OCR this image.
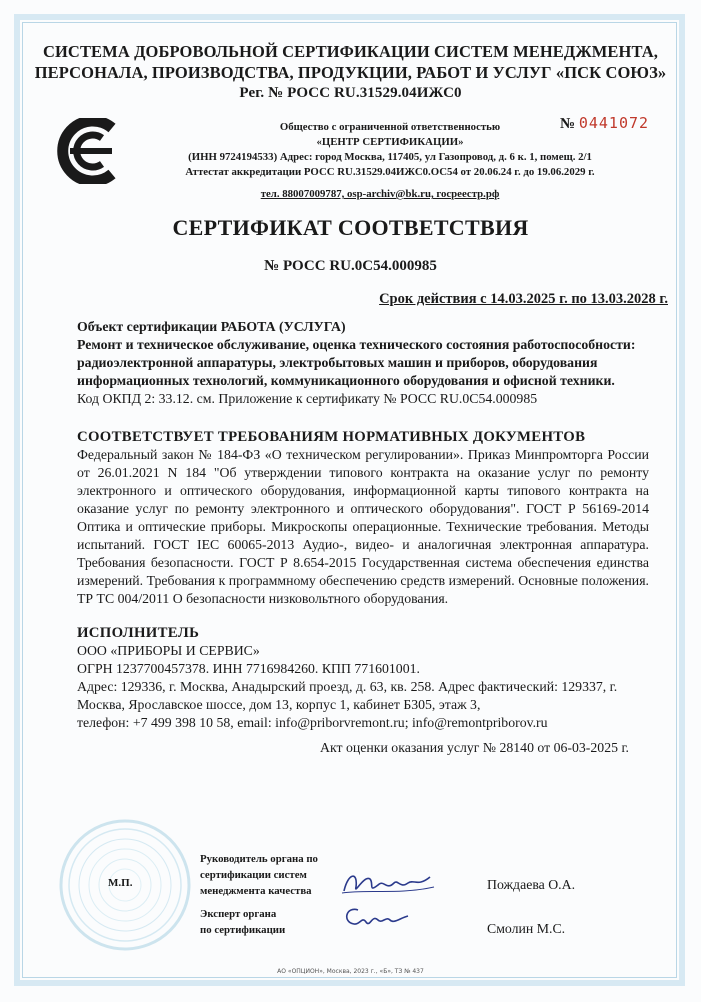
СИСТЕМА ДОБРОВОЛЬНОЙ СЕРТИФИКАЦИИ СИСТЕМ МЕНЕДЖМЕНТА,
ПЕРСОНАЛА, ПРОИЗВОДСТВА, ПРОДУКЦИИ, РАБОТ И УСЛУГ «ПСК СОЮЗ»
Рег. № РОСС RU.31529.04ИЖС0
Общество с ограниченной ответственностью
«ЦЕНТР СЕРТИФИКАЦИИ»
(ИНН 9724194533) Адрес: город Москва, 117405, ул Газопровод, д. 6 к. 1, помещ. 2/1
Аттестат аккредитации РОСС RU.31529.04ИЖС0.ОС54 от 20.06.24 г. до 19.06.2029 г.
№ 0441072
тел. 88007009787, osp-archiv@bk.ru, госреестр.рф
СЕРТИФИКАТ СООТВЕТСТВИЯ
№ РОСС RU.0С54.000985
Срок действия с 14.03.2025 г. по 13.03.2028 г.
Объект сертификации РАБОТА (УСЛУГА)
Ремонт и техническое обслуживание, оценка технического состояния работоспособности: радиоэлектронной аппаратуры, электробытовых машин и приборов, оборудования информационных технологий, коммуникационного оборудования и офисной техники.
Код ОКПД 2: 33.12. см. Приложение к сертификату № РОСС RU.0С54.000985
СООТВЕТСТВУЕТ ТРЕБОВАНИЯМ НОРМАТИВНЫХ ДОКУМЕНТОВ
Федеральный закон № 184-ФЗ «О техническом регулировании». Приказ Минпромторга России от 26.01.2021 N 184 "Об утверждении типового контракта на оказание услуг по ремонту электронного и оптического оборудования, информационной карты типового контракта на оказание услуг по ремонту электронного и оптического оборудования". ГОСТ Р 56169-2014 Оптика и оптические приборы. Микроскопы операционные. Технические требования. Методы испытаний. ГОСТ IEC 60065-2013 Аудио-, видео- и аналогичная электронная аппаратура. Требования безопасности. ГОСТ Р 8.654-2015 Государственная система обеспечения единства измерений. Требования к программному обеспечению средств измерений. Основные положения. ТР ТС 004/2011 О безопасности низковольтного оборудования.
ИСПОЛНИТЕЛЬ
ООО «ПРИБОРЫ И СЕРВИС»
ОГРН 1237700457378. ИНН 7716984260. КПП 771601001.
Адрес: 129336, г. Москва, Анадырский проезд, д. 63, кв. 258. Адрес фактический: 129337, г. Москва, Ярославское шоссе, дом 13, корпус 1, кабинет Б305, этаж 3,
телефон: +7 499 398 10 58, email: info@priborvremont.ru; info@remontpriborov.ru
Акт оценки оказания услуг № 28140 от 06-03-2025 г.
М.П.
Руководитель органа по
сертификации систем
менеджмента качества	Пождаева О.А.
Эксперт органа
по сертификации	Смолин М.С.
АО «ОПЦИОН», Москва, 2023 г., «Б», ТЗ № 437
